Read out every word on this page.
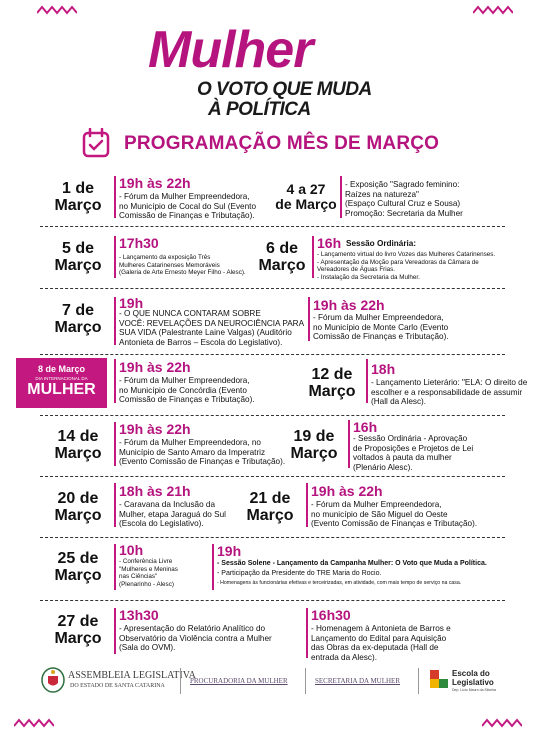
Mulher
O VOTO QUE MUDA
À POLÍTICA
PROGRAMAÇÃO MÊS DE MARÇO
1 de
Março
19h às 22h
- Fórum da Mulher Empreendedora,
no Município de Cocal do Sul (Evento
Comissão de Finanças e Tributação).
4 a 27
de Março
- Exposição "Sagrado feminino:
Raízes na natureza"
(Espaço Cultural Cruz e Sousa)
Promoção: Secretaria da Mulher
5 de
Março
17h30
- Lançamento da exposição Três
Mulheres Catarinenses Memoráveis
(Galeria de Arte Ernesto Meyer Filho - Alesc).
6 de
Março
16h Sessão Ordinária:
- Lançamento virtual do livro Vozes das Mulheres Catarinenses.
- Apresentação da Moção para Vereadoras da Câmara de
Vereadores de Águas Frias.
- Instalação da Secretaria da Mulher.
7 de
Março
19h
- O QUE NUNCA CONTARAM SOBRE
VOCÊ: REVELAÇÕES DA NEUROCIÊNCIA PARA
SUA VIDA (Palestrante Laine Valgas) (Auditório
Antonieta de Barros – Escola do Legislativo).
19h às 22h
- Fórum da Mulher Empreendedora,
no Município de Monte Carlo (Evento
Comissão de Finanças e Tributação).
8 de Março
DIA INTERNACIONAL DA
MULHER
19h às 22h
- Fórum da Mulher Empreendedora,
no Município de Concórdia (Evento
Comissão de Finanças e Tributação).
12 de
Março
18h
- Lançamento Lieterário: "ELA: O direito de
escolher e a responsabilidade de assumir
(Hall da Alesc).
14 de
Março
19h às 22h
- Fórum da Mulher Empreendedora, no
Município de Santo Amaro da Imperatriz
(Evento Comissão de Finanças e Tributação).
19 de
Março
16h
- Sessão Ordinária - Aprovação
de Proposições e Projetos de Lei
voltados à pauta da mulher
(Plenário Alesc).
20 de
Março
18h às 21h
- Caravana da Inclusão da
Mulher, etapa Jaraguá do Sul
(Escola do Legislativo).
21 de
Março
19h às 22h
- Fórum da Mulher Empreendedora,
no município de São Miguel do Oeste
(Evento Comissão de Finanças e Tributação).
25 de
Março
10h
- Conferência Livre
"Mulheres e Meninas
nas Ciências"
(Plenarinho - Alesc)
19h
- Sessão Solene - Lançamento da Campanha Mulher: O Voto que Muda a Política.
- Participação da Presidente do TRE Maria do Rocio.
- Homenagens às funcionárias efetivas e terceirizadas, em atividade, com mais tempo de serviço na casa.
27 de
Março
13h30
- Apresentação do Relatório Analítico do
Observatório da Violência contra a Mulher
(Sala do OVM).
16h30
- Homenagem à Antonieta de Barros e
Lançamento do Edital para Aquisição
das Obras da ex-deputada (Hall de
entrada da Alesc).
ASSEMBLEIA LEGISLATIVA
DO ESTADO DE SANTA CATARINA
PROCURADORIA DA MULHER	SECRETARIA DA MULHER
Escola do
Legislativo
Dep. Lício Mauro da Silveira
